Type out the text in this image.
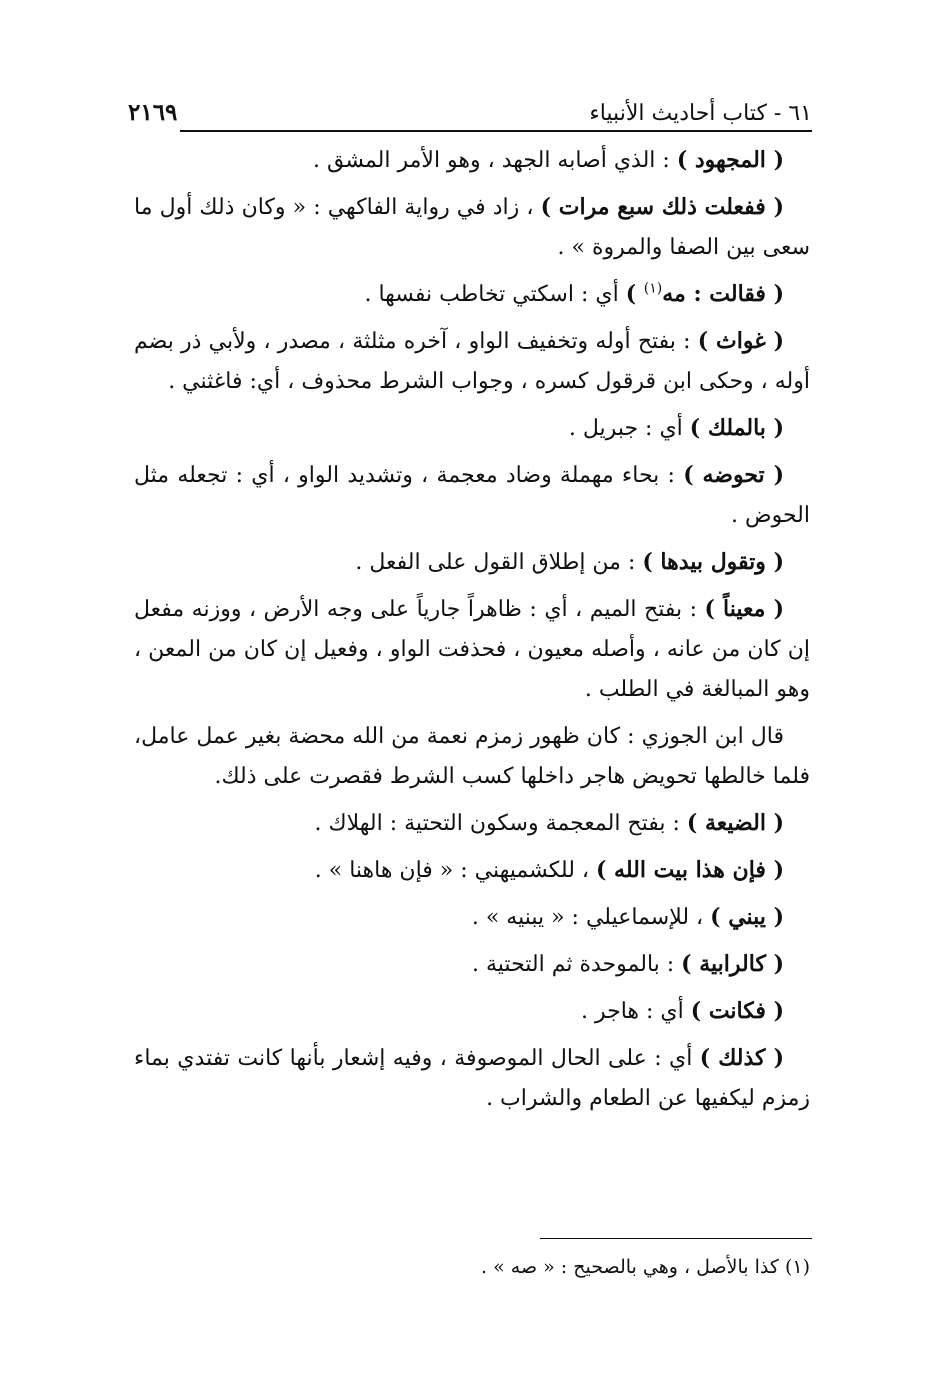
٦١ - كتاب أحاديث الأنبياء
٢١٦٩

( المجهود ) : الذي أصابه الجهد ، وهو الأمر المشق .

( ففعلت ذلك سبع مرات ) ، زاد في رواية الفاكهي : « وكان ذلك أول ما سعى بين الصفا والمروة » .

( فقالت : مه$^{(١)}$ ) أي : اسكتي تخاطب نفسها .

( غواث ) : بفتح أوله وتخفيف الواو ، آخره مثلثة ، مصدر ، ولأبي ذر بضم أوله ، وحكى ابن قرقول كسره ، وجواب الشرط محذوف ، أي: فاغثني .

( بالملك ) أي : جبريل .

( تحوضه ) : بحاء مهملة وضاد معجمة ، وتشديد الواو ، أي : تجعله مثل الحوض .

( وتقول بيدها ) : من إطلاق القول على الفعل .

( معيناً ) : بفتح الميم ، أي : ظاهراً جارياً على وجه الأرض ، ووزنه مفعل إن كان من عانه ، وأصله معيون ، فحذفت الواو ، وفعيل إن كان من المعن ، وهو المبالغة في الطلب .

قال ابن الجوزي : كان ظهور زمزم نعمة من الله محضة بغير عمل عامل، فلما خالطها تحويض هاجر داخلها كسب الشرط فقصرت على ذلك.

( الضيعة ) : بفتح المعجمة وسكون التحتية : الهلاك .

( فإن هذا بيت الله ) ، للكشميهني : « فإن هاهنا » .

( يبني ) ، للإسماعيلي : « يبنيه » .

( كالرابية ) : بالموحدة ثم التحتية .

( فكانت ) أي : هاجر .

( كذلك ) أي : على الحال الموصوفة ، وفيه إشعار بأنها كانت تفتدي بماء زمزم ليكفيها عن الطعام والشراب .

(١) كذا بالأصل ، وهي بالصحيح : « صه » .
